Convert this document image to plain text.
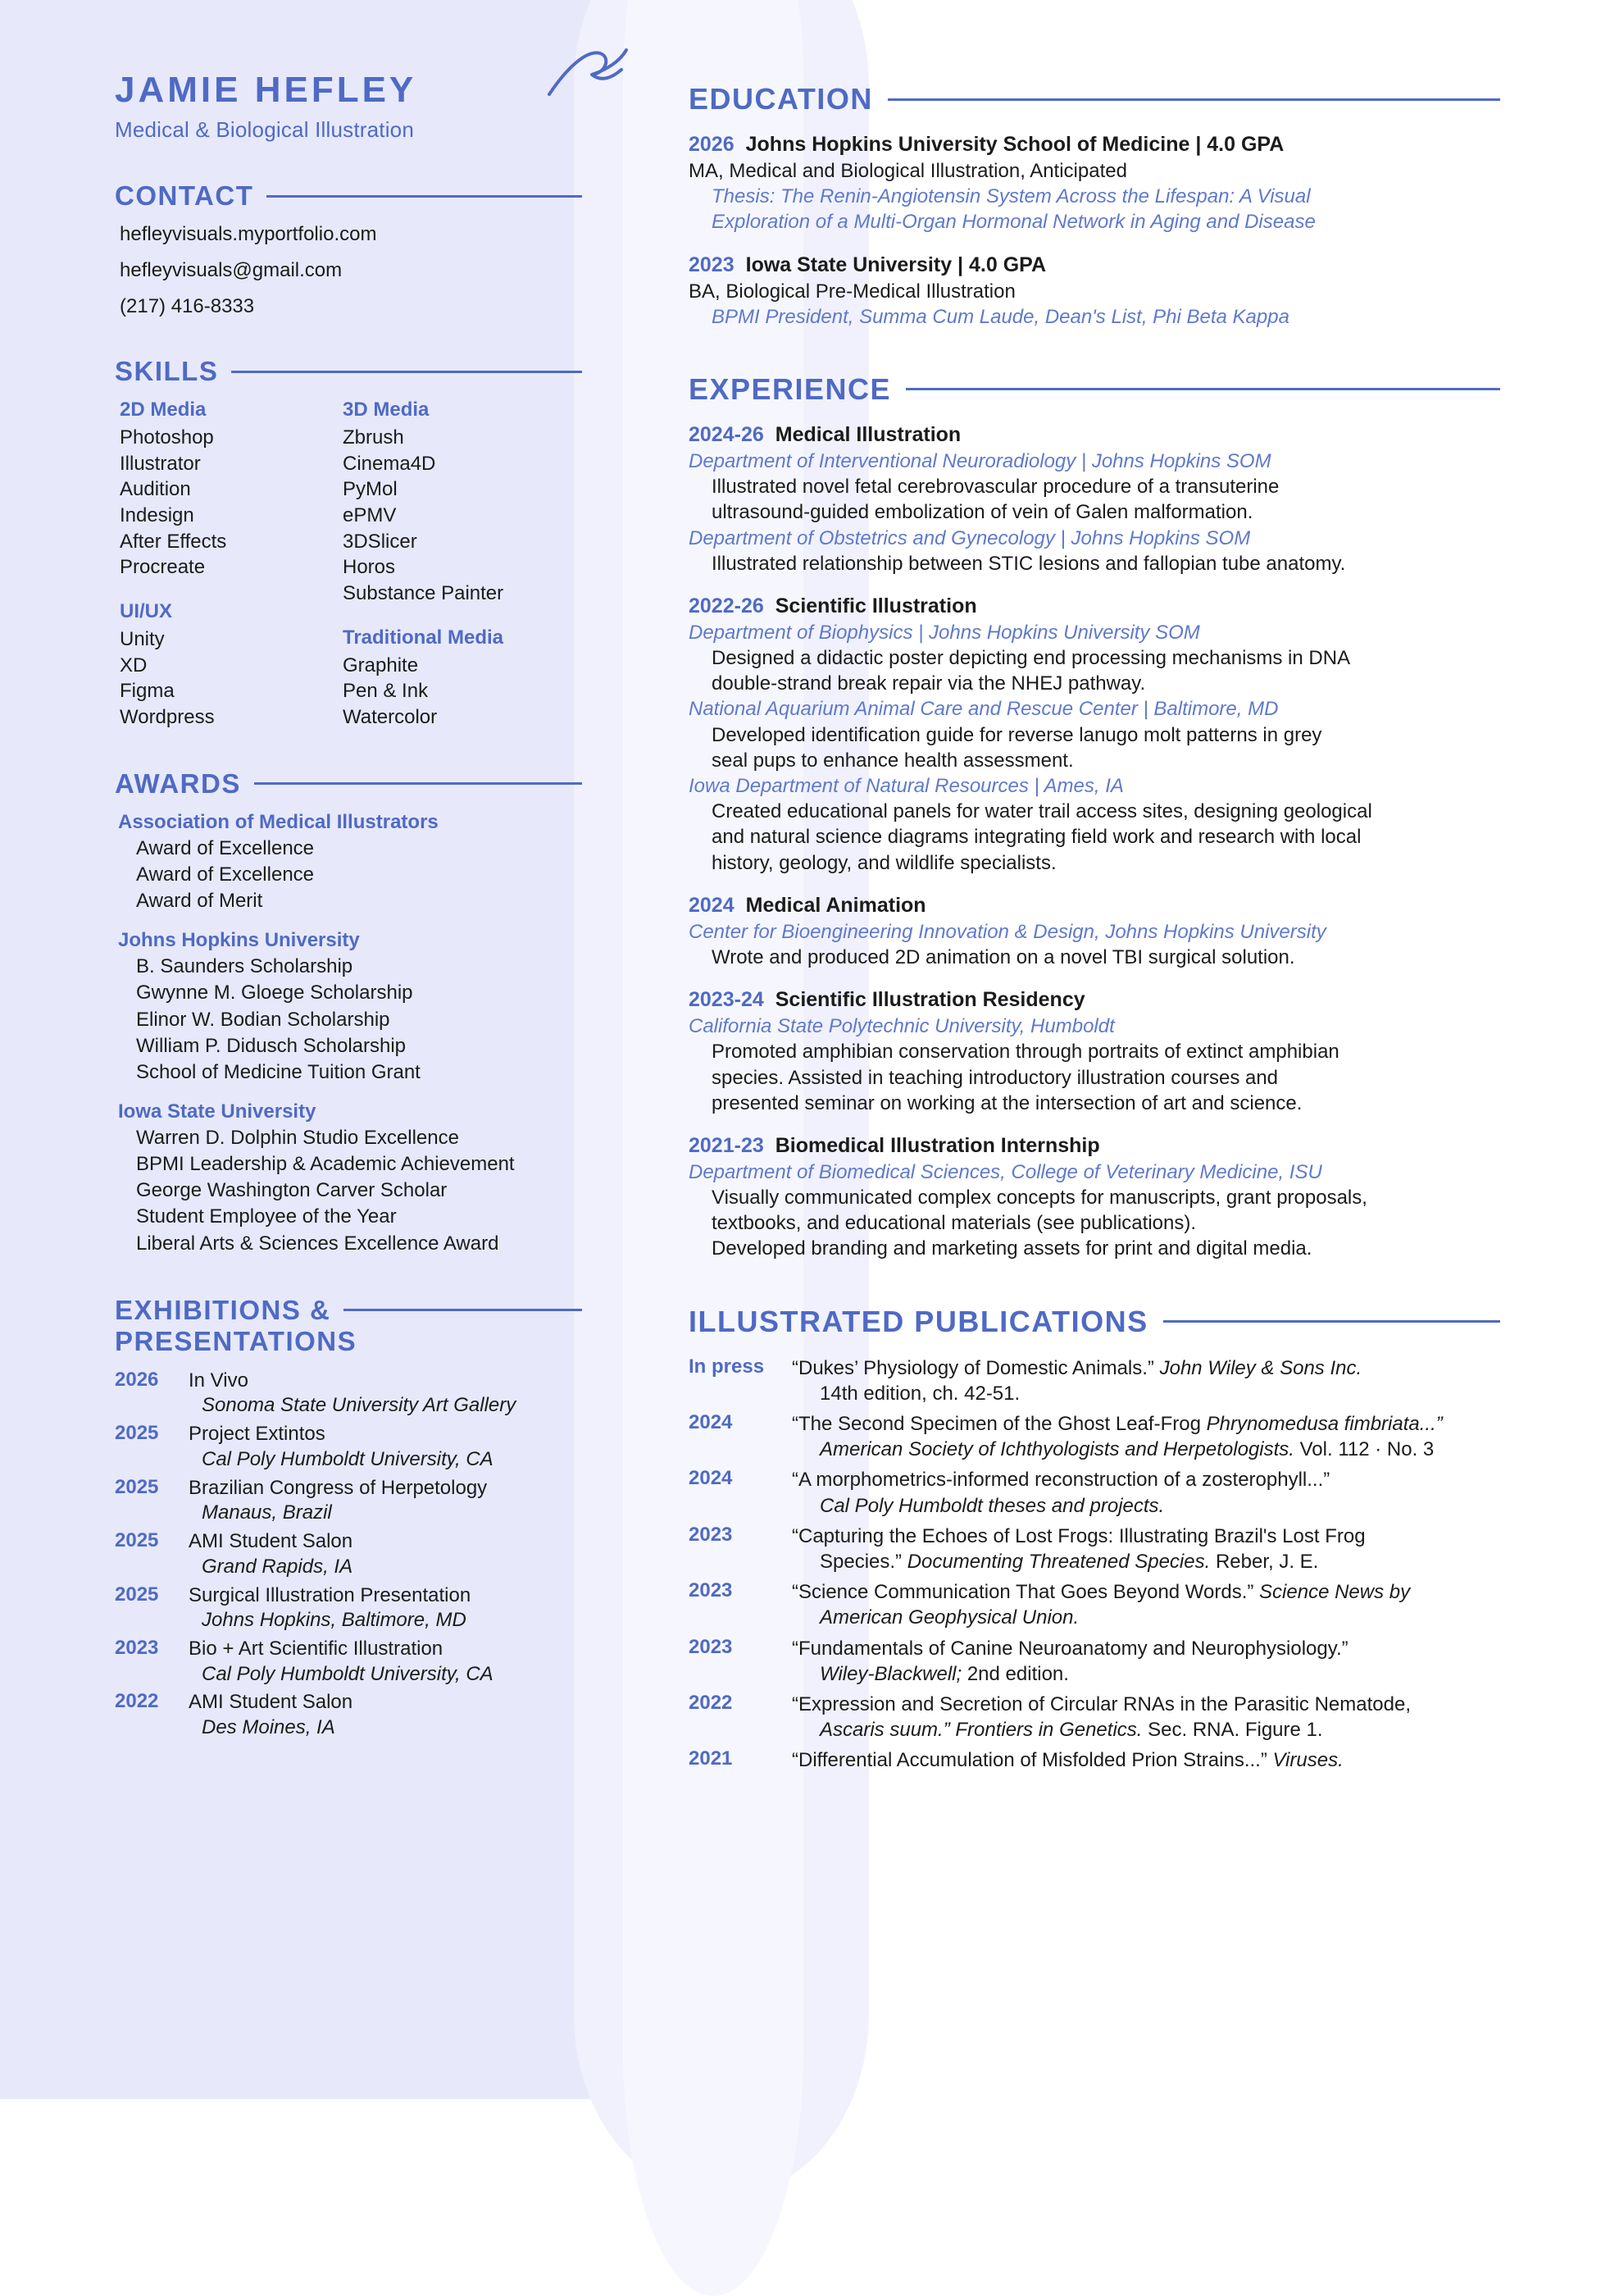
JAMIE HEFLEY
Medical & Biological Illustration
CONTACT
hefleyvisuals.myportfolio.com
hefleyvisuals@gmail.com
(217) 416-8333
SKILLS
2D Media
Photoshop
Illustrator
Audition
Indesign
After Effects
Procreate
UI/UX
Unity
XD
Figma
Wordpress
3D Media
Zbrush
Cinema4D
PyMol
ePMV
3DSlicer
Horos
Substance Painter
Traditional Media
Graphite
Pen & Ink
Watercolor
AWARDS
Association of Medical Illustrators
Award of Excellence
Award of Excellence
Award of Merit
Johns Hopkins University
B. Saunders Scholarship
Gwynne M. Gloege Scholarship
Elinor W. Bodian Scholarship
William P. Didusch Scholarship
School of Medicine Tuition Grant
Iowa State University
Warren D. Dolphin Studio Excellence
BPMI Leadership & Academic Achievement
George Washington Carver Scholar
Student Employee of the Year
Liberal Arts & Sciences Excellence Award
EXHIBITIONS &
PRESENTATIONS
2026	In Vivo
Sonoma State University Art Gallery
2025	Project Extintos
Cal Poly Humboldt University, CA
2025	Brazilian Congress of Herpetology
Manaus, Brazil
2025	AMI Student Salon
Grand Rapids, IA
2025	Surgical Illustration Presentation
Johns Hopkins, Baltimore, MD
2023	Bio + Art Scientific Illustration
Cal Poly Humboldt University, CA
2022	AMI Student Salon
Des Moines, IA
EDUCATION
2026 Johns Hopkins University School of Medicine | 4.0 GPA
MA, Medical and Biological Illustration, Anticipated
Thesis: The Renin-Angiotensin System Across the Lifespan: A Visual
Exploration of a Multi-Organ Hormonal Network in Aging and Disease
2023 Iowa State University | 4.0 GPA
BA, Biological Pre-Medical Illustration
BPMI President, Summa Cum Laude, Dean's List, Phi Beta Kappa
EXPERIENCE
2024-26 Medical Illustration
Department of Interventional Neuroradiology | Johns Hopkins SOM
Illustrated novel fetal cerebrovascular procedure of a transuterine
ultrasound-guided embolization of vein of Galen malformation.
Department of Obstetrics and Gynecology | Johns Hopkins SOM
Illustrated relationship between STIC lesions and fallopian tube anatomy.
2022-26 Scientific Illustration
Department of Biophysics | Johns Hopkins University SOM
Designed a didactic poster depicting end processing mechanisms in DNA
double-strand break repair via the NHEJ pathway.
National Aquarium Animal Care and Rescue Center | Baltimore, MD
Developed identification guide for reverse lanugo molt patterns in grey
seal pups to enhance health assessment.
Iowa Department of Natural Resources | Ames, IA
Created educational panels for water trail access sites, designing geological
and natural science diagrams integrating field work and research with local
history, geology, and wildlife specialists.
2024 Medical Animation
Center for Bioengineering Innovation & Design, Johns Hopkins University
Wrote and produced 2D animation on a novel TBI surgical solution.
2023-24 Scientific Illustration Residency
California State Polytechnic University, Humboldt
Promoted amphibian conservation through portraits of extinct amphibian
species. Assisted in teaching introductory illustration courses and
presented seminar on working at the intersection of art and science.
2021-23 Biomedical Illustration Internship
Department of Biomedical Sciences, College of Veterinary Medicine, ISU
Visually communicated complex concepts for manuscripts, grant proposals,
textbooks, and educational materials (see publications).
Developed branding and marketing assets for print and digital media.
ILLUSTRATED PUBLICATIONS
In press	“Dukes’ Physiology of Domestic Animals.” John Wiley & Sons Inc.
14th edition, ch. 42-51.
2024	“The Second Specimen of the Ghost Leaf-Frog Phrynomedusa fimbriata...”
American Society of Ichthyologists and Herpetologists. Vol. 112 · No. 3
2024	“A morphometrics-informed reconstruction of a zosterophyll...”
Cal Poly Humboldt theses and projects.
2023	“Capturing the Echoes of Lost Frogs: Illustrating Brazil's Lost Frog
Species.” Documenting Threatened Species. Reber, J. E.
2023	“Science Communication That Goes Beyond Words.” Science News by
American Geophysical Union.
2023	“Fundamentals of Canine Neuroanatomy and Neurophysiology.”
Wiley-Blackwell; 2nd edition.
2022	“Expression and Secretion of Circular RNAs in the Parasitic Nematode,
Ascaris suum.” Frontiers in Genetics. Sec. RNA. Figure 1.
2021	“Differential Accumulation of Misfolded Prion Strains...” Viruses.
